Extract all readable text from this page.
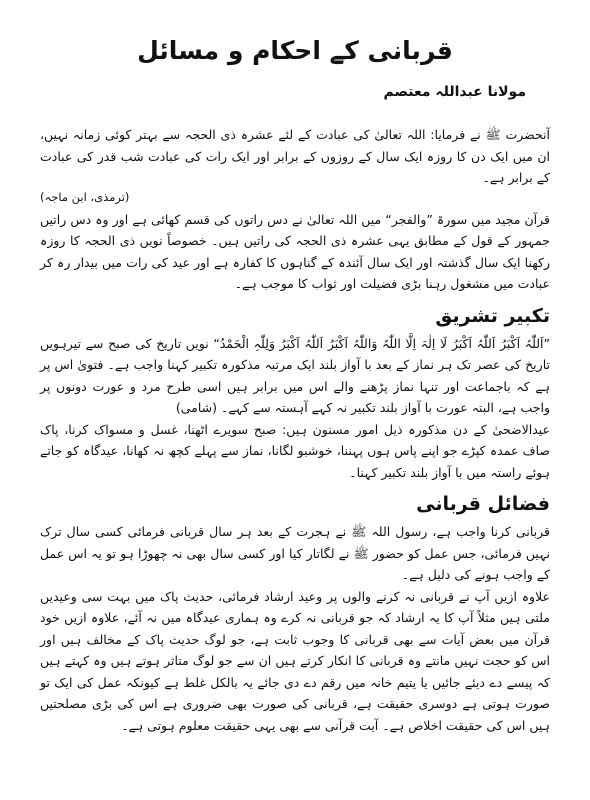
قربانی کے احکام و مسائل
مولانا عبداللہ معتصم

آنحضرت ﷺ نے فرمایا: اللہ تعالیٰ کی عبادت کے لئے عشرہ ذی الحجہ سے بہتر کوئی زمانہ نہیں، ان میں ایک دن کا روزہ ایک سال کے روزوں کے برابر اور ایک رات کی عبادت شب قدر کی عبادت کے برابر ہے۔

(ترمذی، ابن ماجہ)

قرآن مجید میں سورۃ ”والفجر“ میں اللہ تعالیٰ نے دس راتوں کی قسم کھائی ہے اور وہ دس راتیں جمہور کے قول کے مطابق یہی عشرہ ذی الحجہ کی راتیں ہیں۔ خصوصاً نویں ذی الحجہ کا روزہ رکھنا ایک سال گذشتہ اور ایک سال آئندہ کے گناہوں کا کفارہ ہے اور عید کی رات میں بیدار رہ کر عبادت میں مشغول رہنا بڑی فضیلت اور ثواب کا موجب ہے۔

تکبیر تشریق

”اَللّٰہُ اَکْبَرُ اَللّٰہُ اَکْبَرُ لَا اِلٰہَ اِلَّا اللّٰہُ وَاللّٰہُ اَکْبَرُ اَللّٰہُ اَکْبَرُ وَلِلّٰہِ الْحَمْدُ“ نویں تاریخ کی صبح سے تیرہویں تاریخ کی عصر تک ہر نماز کے بعد با آواز بلند ایک مرتبہ مذکورہ تکبیر کہنا واجب ہے۔ فتویٰ اس پر ہے کہ باجماعت اور تنہا نماز پڑھنے والے اس میں برابر ہیں اسی طرح مرد و عورت دونوں پر واجب ہے، البتہ عورت با آواز بلند تکبیر نہ کہے آہستہ سے کہے۔ (شامی)

عیدالاضحیٰ کے دن مذکورہ ذیل امور مسنون ہیں: صبح سویرے اٹھنا، غسل و مسواک کرنا، پاک صاف عمدہ کپڑے جو اپنے پاس ہوں پہننا، خوشبو لگانا، نماز سے پہلے کچھ نہ کھانا، عیدگاہ کو جاتے ہوئے راستہ میں با آواز بلند تکبیر کہنا۔

فضائل قربانی

قربانی کرنا واجب ہے، رسول اللہ ﷺ نے ہجرت کے بعد ہر سال قربانی فرمائی کسی سال ترک نہیں فرمائی، جس عمل کو حضور ﷺ نے لگاتار کیا اور کسی سال بھی نہ چھوڑا ہو تو یہ اس عمل کے واجب ہونے کی دلیل ہے۔

علاوہ ازیں آپ نے قربانی نہ کرنے والوں پر وعید ارشاد فرمائی، حدیث پاک میں بہت سی وعیدیں ملتی ہیں مثلاً آپ کا یہ ارشاد کہ جو قربانی نہ کرے وہ ہماری عیدگاہ میں نہ آئے، علاوہ ازیں خود قرآن میں بعض آیات سے بھی قربانی کا وجوب ثابت ہے، جو لوگ حدیث پاک کے مخالف ہیں اور اس کو حجت نہیں مانتے وہ قربانی کا انکار کرتے ہیں ان سے جو لوگ متاثر ہوتے ہیں وہ کہتے ہیں کہ پیسے دے دیئے جائیں یا یتیم خانہ میں رقم دے دی جائے یہ بالکل غلط ہے کیونکہ عمل کی ایک تو صورت ہوتی ہے دوسری حقیقت ہے، قربانی کی صورت بھی ضروری ہے اس کی بڑی مصلحتیں ہیں اس کی حقیقت اخلاص ہے۔ آیت قرآنی سے بھی یہی حقیقت معلوم ہوتی ہے۔
